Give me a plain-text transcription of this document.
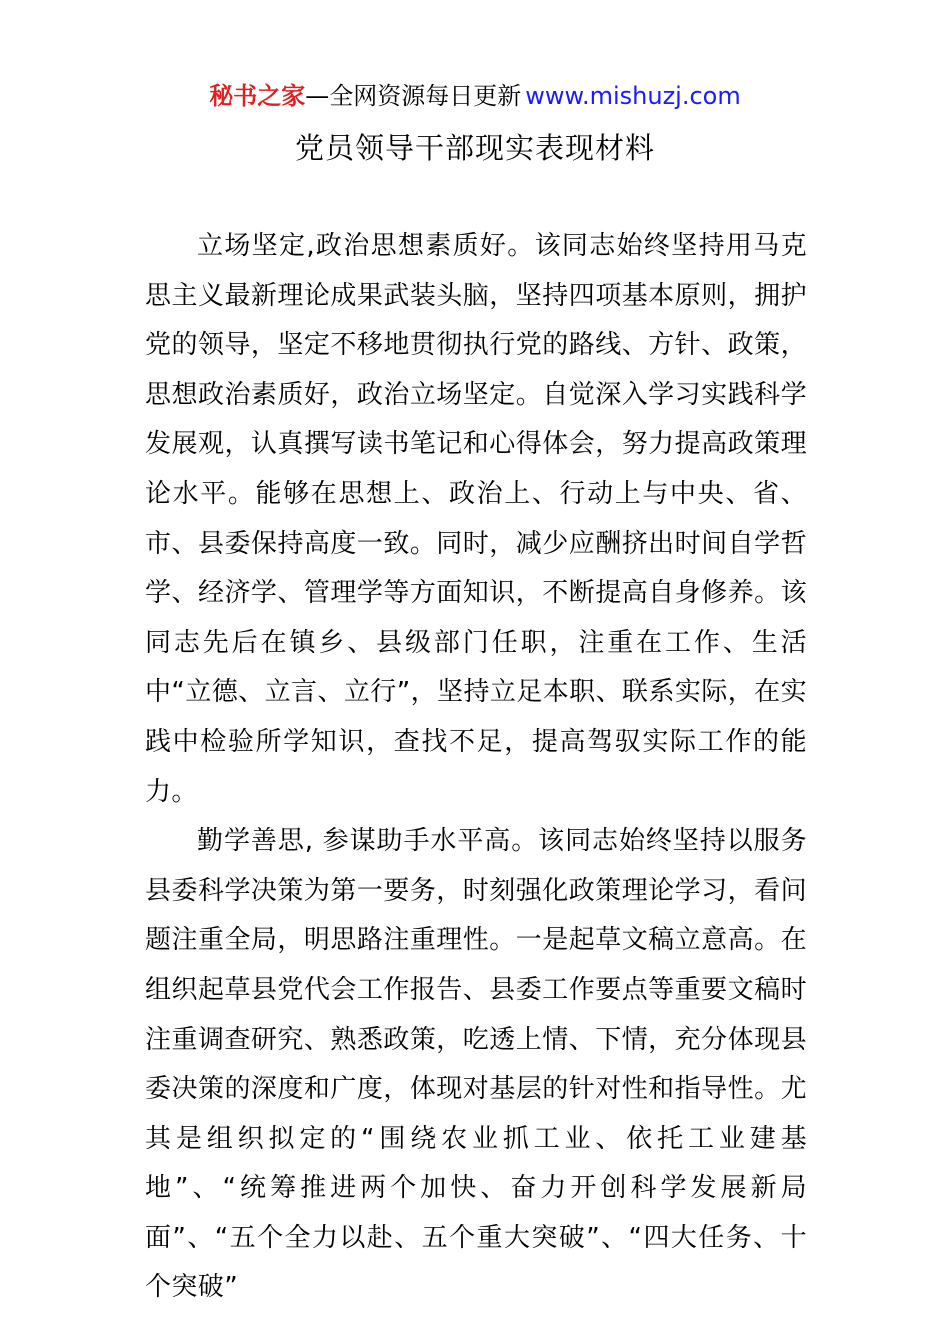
秘书之家—全网资源每日更新 www.mishuzj.com
党员领导干部现实表现材料

立场坚定,政治思想素质好。该同志始终坚持用马克思主义最新理论成果武装头脑，坚持四项基本原则，拥护党的领导，坚定不移地贯彻执行党的路线、方针、政策，思想政治素质好，政治立场坚定。自觉深入学习实践科学发展观，认真撰写读书笔记和心得体会，努力提高政策理论水平。能够在思想上、政治上、行动上与中央、省、市、县委保持高度一致。同时，减少应酬挤出时间自学哲学、经济学、管理学等方面知识，不断提高自身修养。该同志先后在镇乡、县级部门任职，注重在工作、生活中“立德、立言、立行”，坚持立足本职、联系实际，在实践中检验所学知识，查找不足，提高驾驭实际工作的能力。

勤学善思, 参谋助手水平高。该同志始终坚持以服务县委科学决策为第一要务，时刻强化政策理论学习，看问题注重全局，明思路注重理性。一是起草文稿立意高。在组织起草县党代会工作报告、县委工作要点等重要文稿时注重调查研究、熟悉政策，吃透上情、下情，充分体现县委决策的深度和广度，体现对基层的针对性和指导性。尤其是组织拟定的“围绕农业抓工业、依托工业建基地”、“统筹推进两个加快、奋力开创科学发展新局面”、“五个全力以赴、五个重大突破”、“四大任务、十个突破”
